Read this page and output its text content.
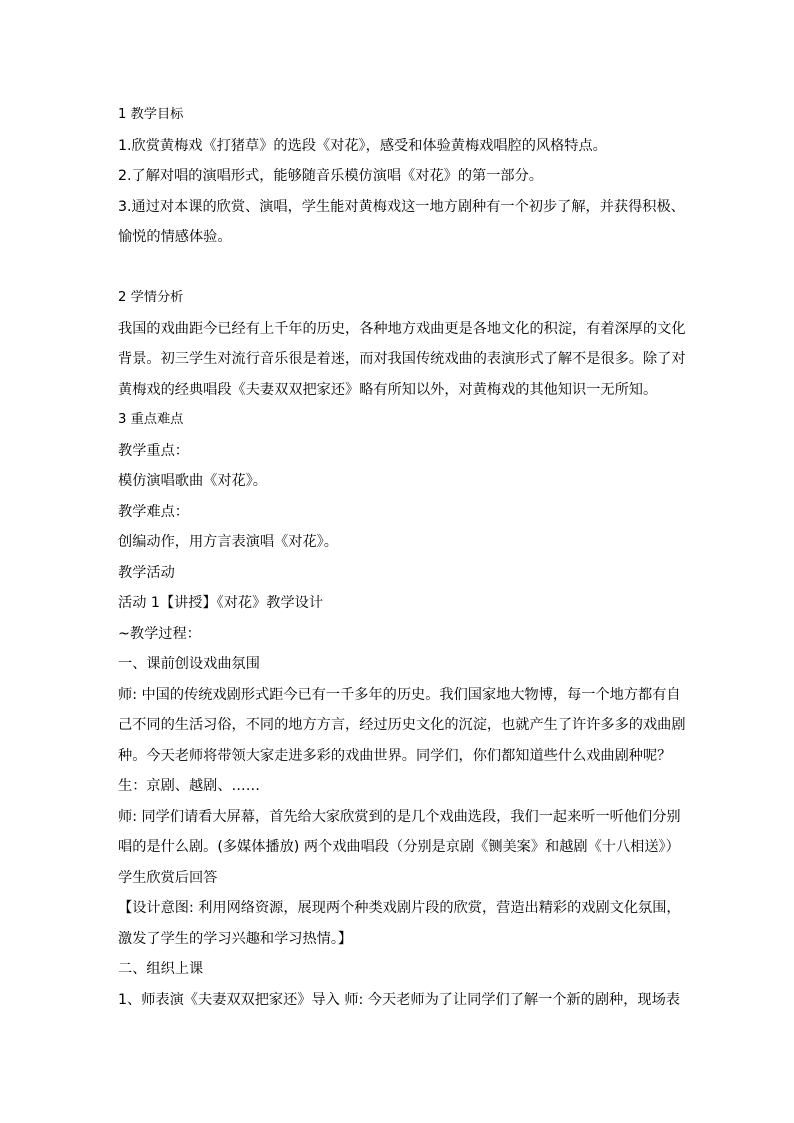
1 教学目标
1.欣赏黄梅戏《打猪草》的选段《对花》，感受和体验黄梅戏唱腔的风格特点。
2.了解对唱的演唱形式，能够随音乐模仿演唱《对花》的第一部分。
3.通过对本课的欣赏、演唱，学生能对黄梅戏这一地方剧种有一个初步了解，并获得积极、
愉悦的情感体验。
2 学情分析
我国的戏曲距今已经有上千年的历史，各种地方戏曲更是各地文化的积淀，有着深厚的文化
背景。初三学生对流行音乐很是着迷，而对我国传统戏曲的表演形式了解不是很多。除了对
黄梅戏的经典唱段《夫妻双双把家还》略有所知以外，对黄梅戏的其他知识一无所知。
3 重点难点
教学重点：
模仿演唱歌曲《对花》。
教学难点：
创编动作，用方言表演唱《对花》。
教学活动
活动 1【讲授】《对花》教学设计
~教学过程：
一、课前创设戏曲氛围
师: 中国的传统戏剧形式距今已有一千多年的历史。我们国家地大物博，每一个地方都有自
己不同的生活习俗，不同的地方方言，经过历史文化的沉淀，也就产生了许许多多的戏曲剧
种。今天老师将带领大家走进多彩的戏曲世界。同学们，你们都知道些什么戏曲剧种呢？
生：京剧、越剧、……
师: 同学们请看大屏幕，首先给大家欣赏到的是几个戏曲选段，我们一起来听一听他们分别
唱的是什么剧。(多媒体播放) 两个戏曲唱段（分别是京剧《铡美案》和越剧《十八相送》）
学生欣赏后回答
【设计意图: 利用网络资源，展现两个种类戏剧片段的欣赏，营造出精彩的戏剧文化氛围，
激发了学生的学习兴趣和学习热情。】
二、组织上课
1、师表演《夫妻双双把家还》导入 师: 今天老师为了让同学们了解一个新的剧种，现场表
